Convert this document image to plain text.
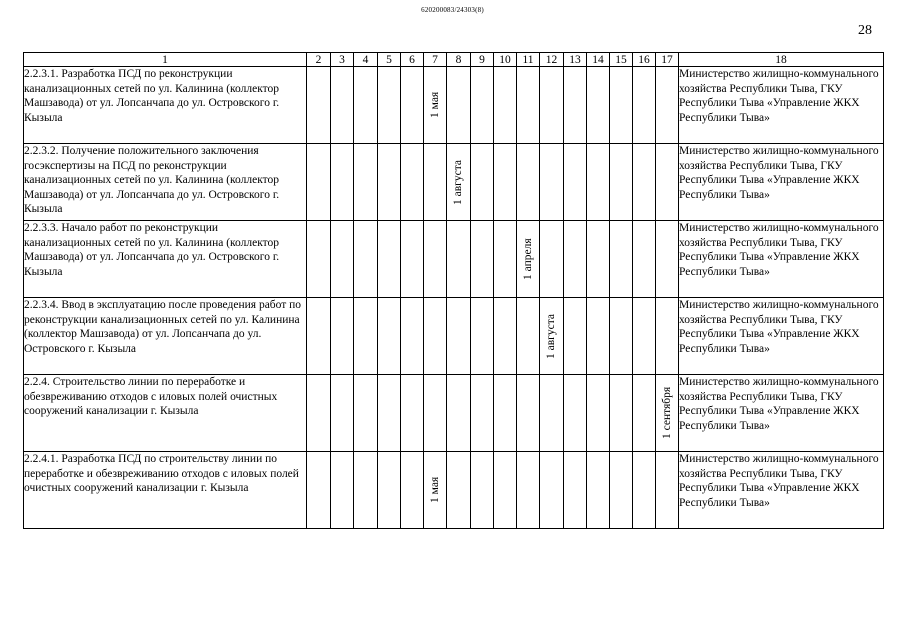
620200083/24303(8)
28
1	2	3	4	5	6	7	8	9	10	11	12	13	14	15	16	17	18
2.2.3.1. Разработка ПСД по реконструкции канализационных сетей по ул. Калинина (коллектор Машзавода) от ул. Лопсанчапа до ул. Островского г. Кызыла						1 мая											Министерство жилищно-коммунального хозяйства Республики Тыва, ГКУ Республики Тыва «Управление ЖКХ Республики Тыва»
2.2.3.2. Получение положительного заключения госэкспертизы на ПСД по реконструкции канализационных сетей по ул. Калинина (коллектор Машзавода) от ул. Лопсанчапа до ул. Островского г. Кызыла							1 августа										Министерство жилищно-коммунального хозяйства Республики Тыва, ГКУ Республики Тыва «Управление ЖКХ Республики Тыва»
2.2.3.3. Начало работ по реконструкции канализационных сетей по ул. Калинина (коллектор Машзавода) от ул. Лопсанчапа до ул. Островского г. Кызыла										1 апреля							Министерство жилищно-коммунального хозяйства Республики Тыва, ГКУ Республики Тыва «Управление ЖКХ Республики Тыва»
2.2.3.4. Ввод в эксплуатацию после проведения работ по реконструкции канализационных сетей по ул. Калинина (коллектор Машзавода) от ул. Лопсанчапа до ул. Островского г. Кызыла											1 августа						Министерство жилищно-коммунального хозяйства Республики Тыва, ГКУ Республики Тыва «Управление ЖКХ Республики Тыва»
2.2.4. Строительство линии по переработке и обезвреживанию отходов с иловых полей очистных сооружений канализации г. Кызыла																1 сентября	Министерство жилищно-коммунального хозяйства Республики Тыва, ГКУ Республики Тыва «Управление ЖКХ Республики Тыва»
2.2.4.1. Разработка ПСД по строительству линии по переработке и обезвреживанию отходов с иловых полей очистных сооружений канализации г. Кызыла						1 мая											Министерство жилищно-коммунального хозяйства Республики Тыва, ГКУ Республики Тыва «Управление ЖКХ Республики Тыва»
